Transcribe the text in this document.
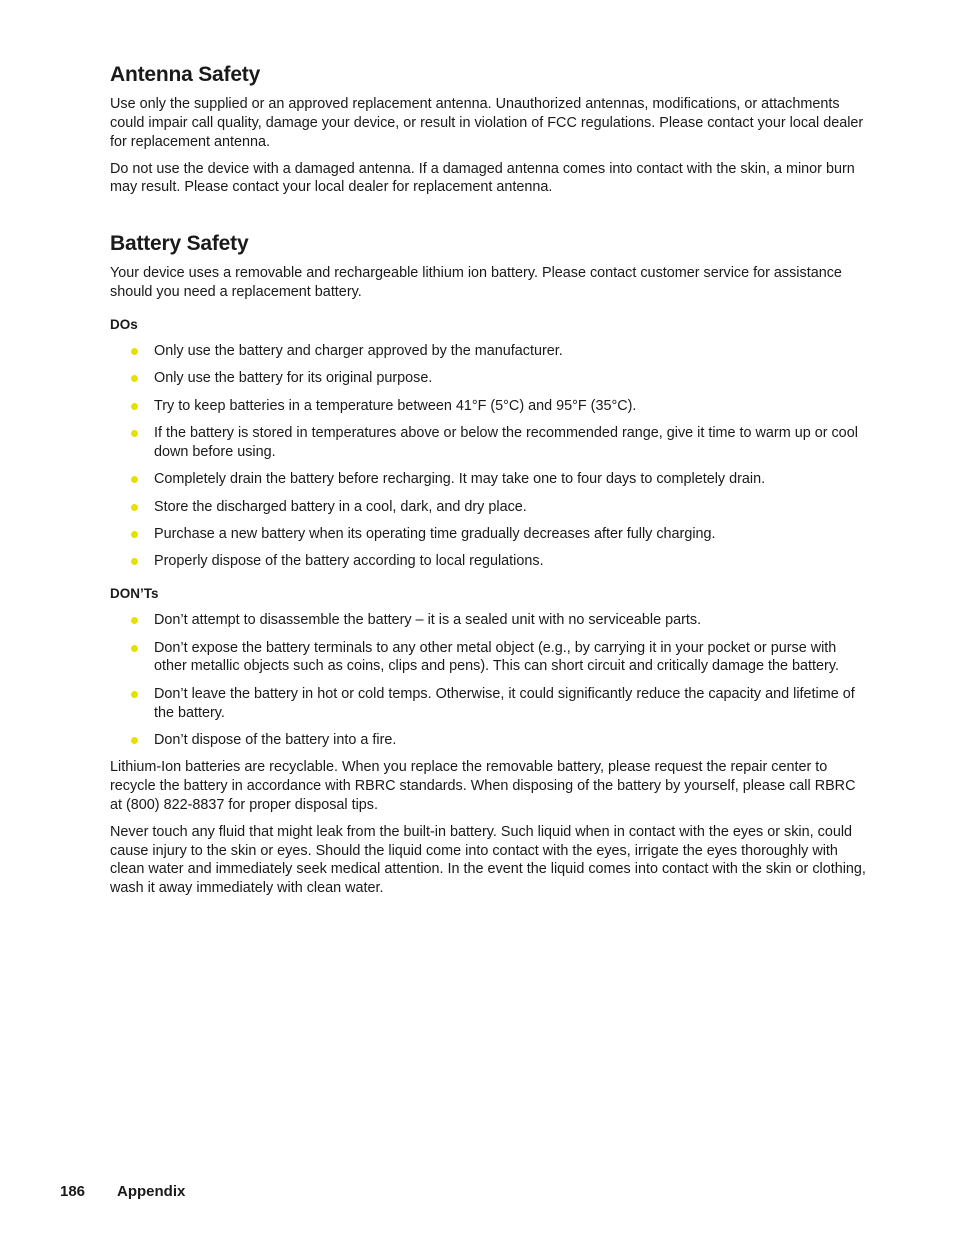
Antenna Safety

Use only the supplied or an approved replacement antenna. Unauthorized antennas, modifications, or attachments could impair call quality, damage your device, or result in violation of FCC regulations. Please contact your local dealer for replacement antenna.

Do not use the device with a damaged antenna. If a damaged antenna comes into contact with the skin, a minor burn may result. Please contact your local dealer for replacement antenna.

Battery Safety

Your device uses a removable and rechargeable lithium ion battery. Please contact customer service for assistance should you need a replacement battery.

DOs
Only use the battery and charger approved by the manufacturer.
Only use the battery for its original purpose.
Try to keep batteries in a temperature between 41°F (5°C) and 95°F (35°C).
If the battery is stored in temperatures above or below the recommended range, give it time to warm up or cool down before using.
Completely drain the battery before recharging. It may take one to four days to completely drain.
Store the discharged battery in a cool, dark, and dry place.
Purchase a new battery when its operating time gradually decreases after fully charging.
Properly dispose of the battery according to local regulations.
DON’Ts
Don’t attempt to disassemble the battery – it is a sealed unit with no serviceable parts.
Don’t expose the battery terminals to any other metal object (e.g., by carrying it in your pocket or purse with other metallic objects such as coins, clips and pens). This can short circuit and critically damage the battery.
Don’t leave the battery in hot or cold temps. Otherwise, it could significantly reduce the capacity and lifetime of the battery.
Don’t dispose of the battery into a fire.

Lithium-Ion batteries are recyclable. When you replace the removable battery, please request the repair center to recycle the battery in accordance with RBRC standards. When disposing of the battery by yourself, please call RBRC at (800) 822-8837 for proper disposal tips.

Never touch any fluid that might leak from the built-in battery. Such liquid when in contact with the eyes or skin, could cause injury to the skin or eyes. Should the liquid come into contact with the eyes, irrigate the eyes thoroughly with clean water and immediately seek medical attention. In the event the liquid comes into contact with the skin or clothing, wash it away immediately with clean water.

186 Appendix
